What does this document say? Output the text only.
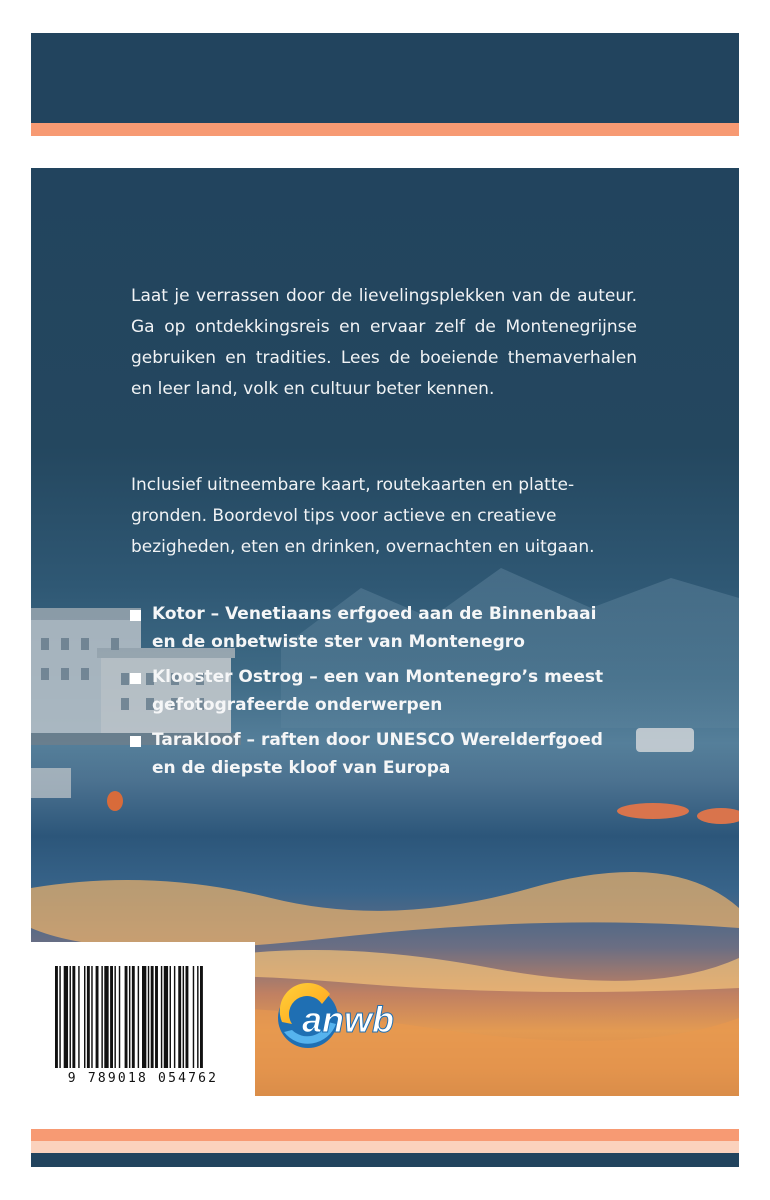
Laat je verrassen door de lievelingsplekken van de auteur. Ga op ontdekkingsreis en ervaar zelf de Montenegrijnse gebruiken en tradities. Lees de boeiende themaverhalen en leer land, volk en cultuur beter kennen.

Inclusief uitneembare kaart, routekaarten en platte-
gronden. Boordevol tips voor actieve en creatieve
bezigheden, eten en drinken, overnachten en uitgaan.
Kotor – Venetiaans erfgoed aan de Binnenbaai
en de onbetwiste ster van Montenegro
Klooster Ostrog – een van Montenegro’s meest
gefotografeerde onderwerpen
Tarakloof – raften door UNESCO Werelderfgoed
en de diepste kloof van Europa
9 789018 054762
anwb
